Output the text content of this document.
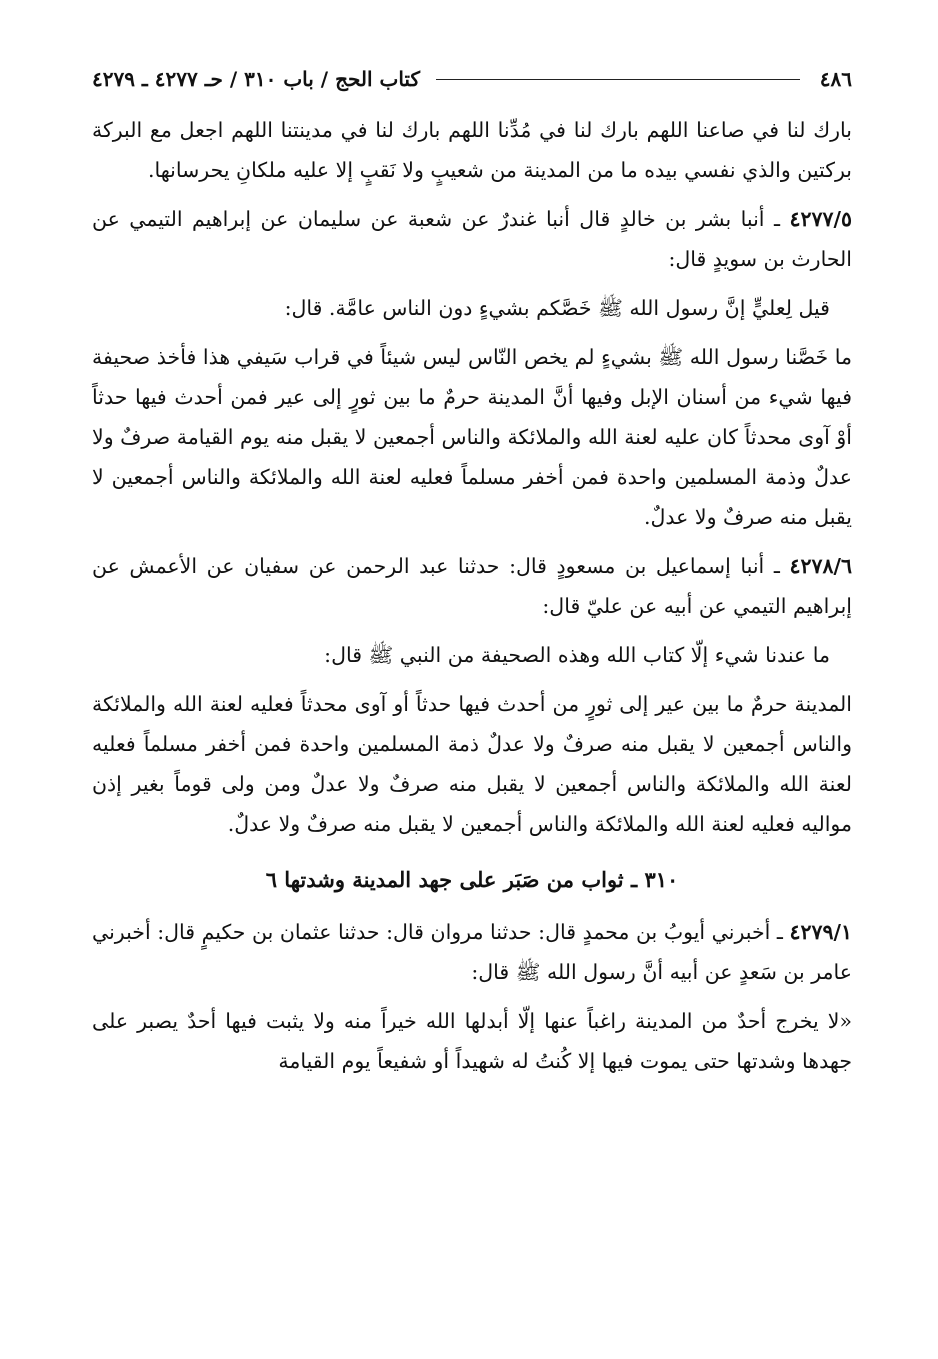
٤٨٦
كتاب الحج / باب ٣١٠ / حـ ٤٢٧٧ ـ ٤٢٧٩

بارك لنا في صاعنا اللهم بارك لنا في مُدِّنا اللهم بارك لنا في مدينتنا اللهم اجعل مع البركة بركتين والذي نفسي بيده ما من المدينة من شعيبٍ ولا نَقبٍ إلا عليه ملكانِ يحرسانها.

٤٢٧٧/٥ ـ أنبا بشر بن خالدٍ قال أنبا غندرٌ عن شعبة عن سليمان عن إبراهيم التيمي عن الحارث بن سويدٍ قال:

قيل لِعليٍّ إنَّ رسول الله ﷺ خَصَّكم بشيءٍ دون الناس عامَّة. قال:

ما خَصَّنا رسول الله ﷺ بشيءٍ لم يخص النّاس ليس شيئاً في قراب سَيفي هذا فأخذ صحيفة فيها شيء من أسنان الإبل وفيها أنَّ المدينة حرمٌ ما بين ثورٍ إلى عير فمن أحدث فيها حدثاً أوْ آوى محدثاً كان عليه لعنة الله والملائكة والناس أجمعين لا يقبل منه يوم القيامة صرفٌ ولا عدلٌ وذمة المسلمين واحدة فمن أخفر مسلماً فعليه لعنة الله والملائكة والناس أجمعين لا يقبل منه صرفٌ ولا عدلٌ.

٤٢٧٨/٦ ـ أنبا إسماعيل بن مسعودٍ قال: حدثنا عبد الرحمن عن سفيان عن الأعمش عن إبراهيم التيمي عن أبيه عن عليّ قال:

ما عندنا شيء إلّا كتاب الله وهذه الصحيفة من النبي ﷺ قال:

المدينة حرمٌ ما بين عير إلى ثورٍ من أحدث فيها حدثاً أو آوى محدثاً فعليه لعنة الله والملائكة والناس أجمعين لا يقبل منه صرفٌ ولا عدلٌ ذمة المسلمين واحدة فمن أخفر مسلماً فعليه لعنة الله والملائكة والناس أجمعين لا يقبل منه صرفٌ ولا عدلٌ ومن ولى قوماً بغير إذن مواليه فعليه لعنة الله والملائكة والناس أجمعين لا يقبل منه صرفٌ ولا عدلٌ.

٣١٠ ـ ثواب من صَبَر على جهد المدينة وشدتها ٦

٤٢٧٩/١ ـ أخبرني أيوبُ بن محمدٍ قال: حدثنا مروان قال: حدثنا عثمان بن حكيمٍ قال: أخبرني عامر بن سَعدٍ عن أبيه أنَّ رسول الله ﷺ قال:

«لا يخرج أحدٌ من المدينة راغباً عنها إلّا أبدلها الله خيراً منه ولا يثبت فيها أحدٌ يصبر على جهدها وشدتها حتى يموت فيها إلا كُنتُ له شهيداً أو شفيعاً يوم القيامة
